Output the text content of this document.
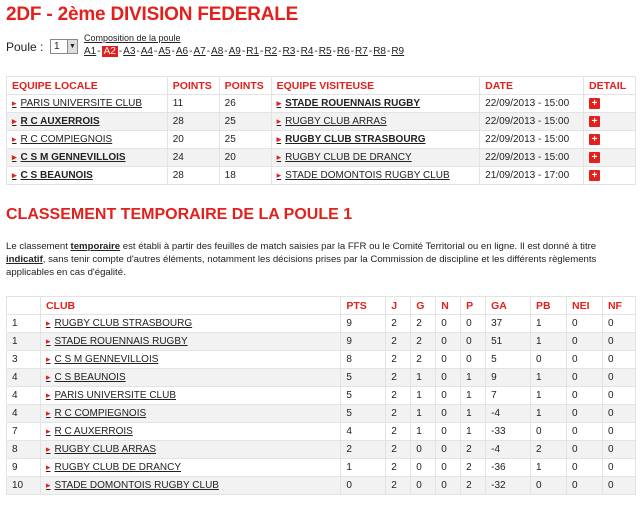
2DF - 2ème DIVISION FEDERALE
Poule :	1	▼
Composition de la poule
A1 - A2 - A3 - A4 - A5 - A6 - A7 - A8 - A9 - R1 - R2 - R3 - R4 - R5 - R6 - R7 - R8 - R9
EQUIPE LOCALE	POINTS	POINTS	EQUIPE VISITEUSE	DATE	DETAIL
▸ PARIS UNIVERSITE CLUB	11	26	▸ STADE ROUENNAIS RUGBY	22/09/2013 - 15:00	+
▸ R C AUXERROIS	28	25	▸ RUGBY CLUB ARRAS	22/09/2013 - 15:00	+
▸ R C COMPIEGNOIS	20	25	▸ RUGBY CLUB STRASBOURG	22/09/2013 - 15:00	+
▸ C S M GENNEVILLOIS	24	20	▸ RUGBY CLUB DE DRANCY	22/09/2013 - 15:00	+
▸ C S BEAUNOIS	28	18	▸ STADE DOMONTOIS RUGBY CLUB	21/09/2013 - 17:00	+
CLASSEMENT TEMPORAIRE DE LA POULE 1

Le classement temporaire est établi à partir des feuilles de match saisies par la FFR ou le Comité Territorial ou en ligne. Il est donné à titre indicatif, sans tenir compte d'autres éléments, notamment les décisions prises par la Commission de discipline et les différents règlements applicables en cas d'égalité.

	CLUB	PTS	J	G	N	P	GA	PB	NEI	NF
1	▸ RUGBY CLUB STRASBOURG	9	2	2	0	0	37	1	0	0
1	▸ STADE ROUENNAIS RUGBY	9	2	2	0	0	51	1	0	0
3	▸ C S M GENNEVILLOIS	8	2	2	0	0	5	0	0	0
4	▸ C S BEAUNOIS	5	2	1	0	1	9	1	0	0
4	▸ PARIS UNIVERSITE CLUB	5	2	1	0	1	7	1	0	0
4	▸ R C COMPIEGNOIS	5	2	1	0	1	-4	1	0	0
7	▸ R C AUXERROIS	4	2	1	0	1	-33	0	0	0
8	▸ RUGBY CLUB ARRAS	2	2	0	0	2	-4	2	0	0
9	▸ RUGBY CLUB DE DRANCY	1	2	0	0	2	-36	1	0	0
10	▸ STADE DOMONTOIS RUGBY CLUB	0	2	0	0	2	-32	0	0	0
